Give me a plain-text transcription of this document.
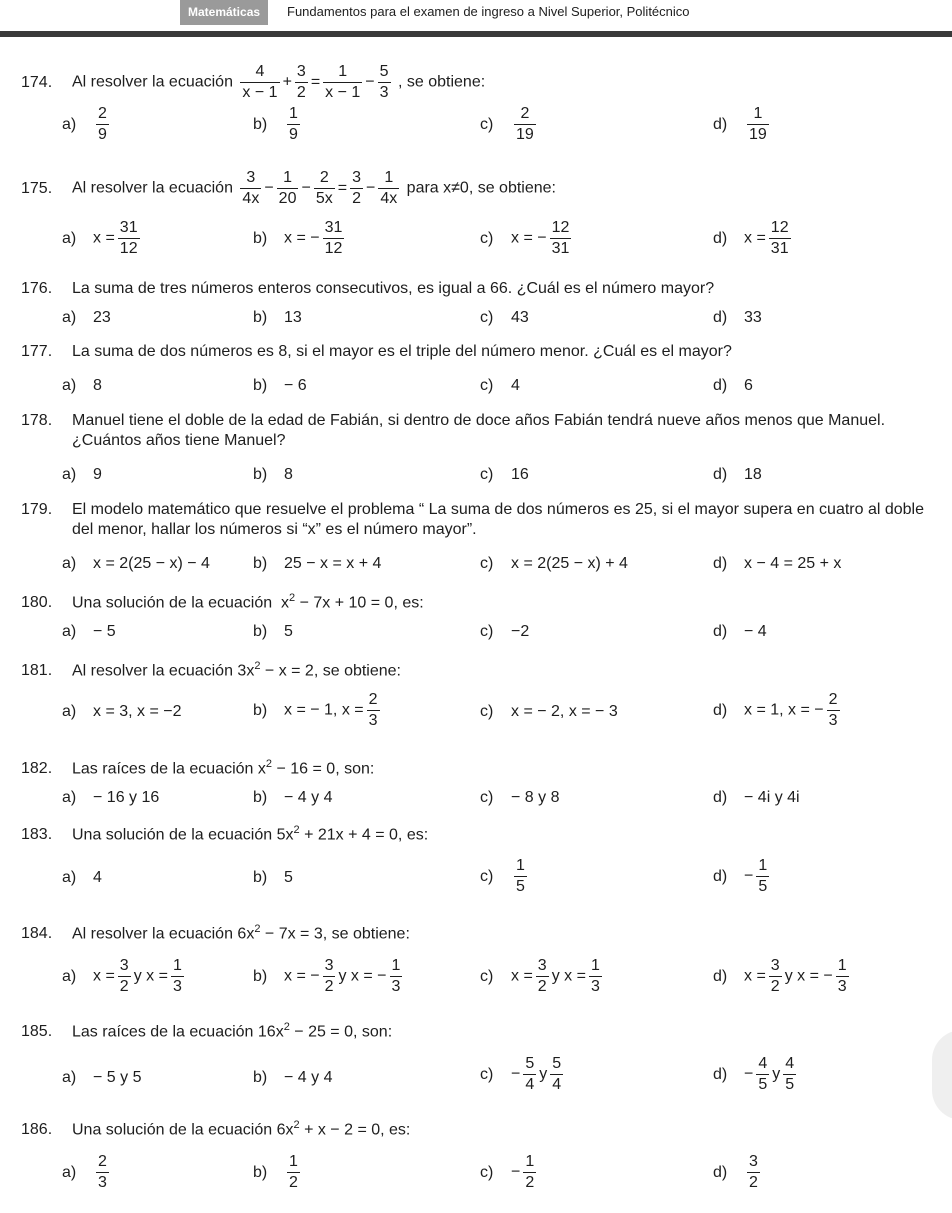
Matemáticas	Fundamentos para el examen de ingreso a Nivel Superior, Politécnico
174. Al resolver la ecuación $\frac{4}{x - 1} + \frac{3}{2} = \frac{1}{x - 1} - \frac{5}{3}$ , se obtiene:
$a) \frac{2}{9}$	$b) \frac{1}{9}$	$c) \frac{2}{19}$	$d) \frac{1}{19}$
175. Al resolver la ecuación $\frac{3}{4x} - \frac{1}{20} - \frac{2}{5x} = \frac{3}{2} - \frac{1}{4x}$ para x≠0, se obtiene:
a) $x = \frac{31}{12}$	b) x = − $\frac{31}{12}$	c) x = − $\frac{12}{31}$	d) $x = \frac{12}{31}$
176. La suma de tres números enteros consecutivos, es igual a 66. ¿Cuál es el número mayor?
a) 23	b) 13	c) 43	d) 33
177. La suma de dos números es 8, si el mayor es el triple del número menor. ¿Cuál es el mayor?
a) 8	b) − 6	c) 4	d) 6
178.	Manuel tiene el doble de la edad de Fabián, si dentro de doce años Fabián tendrá nueve años menos que Manuel. ¿Cuántos años tiene Manuel?
a) 9	b) 8	c) 16	d) 18
179.	El modelo matemático que resuelve el problema “ La suma de dos números es 25, si el mayor supera en cuatro al doble del menor, hallar los números si “x” es el número mayor”.
a) x = 2(25 − x) − 4	b) 25 − x = x + 4	c) x = 2(25 − x) + 4	d) x − 4 = 25 + x
180. Una solución de la ecuación $x^2 - 7x + 10 = 0$, es:
a) − 5	b) 5	c) −2	d) − 4
181. Al resolver la ecuación $3x^2 - x = 2$, se obtiene:
a) x = 3, x = −2	b) x = − 1, $x = \frac{2}{3}$	c) x = − 2, x = − 3	d) x = 1, x = − $\frac{2}{3}$
182. Las raíces de la ecuación $x^2 - 16 = 0$, son:
a) − 16 y 16	b) − 4 y 4	c) − 8 y 8	d) − 4i y 4i
183. Una solución de la ecuación $5x^2 + 21x + 4 = 0$, es:
a) 4	b) 5	$c) \frac{1}{5}$	$d) - \frac{1}{5}$
184. Al resolver la ecuación $6x^2 - 7x = 3$, se obtiene:
a) $x = \frac{3}{2}$ y $x = \frac{1}{3}$	b) x = − $\frac{3}{2}$ y x = − $\frac{1}{3}$	c) $x = \frac{3}{2}$ y $x = \frac{1}{3}$	d) $x = \frac{3}{2}$ y x = − $\frac{1}{3}$
185. Las raíces de la ecuación $16x^2 - 25 = 0$, son:
a) − 5 y 5	b) − 4 y 4	$c) - \frac{5}{4}$ y $\frac{5}{4}$	$d) - \frac{4}{5}$ y $\frac{4}{5}$
186. Una solución de la ecuación $6x^2 + x - 2 = 0$, es:
$a) \frac{2}{3}$	$b) \frac{1}{2}$	$c) - \frac{1}{2}$	$d) \frac{3}{2}$
